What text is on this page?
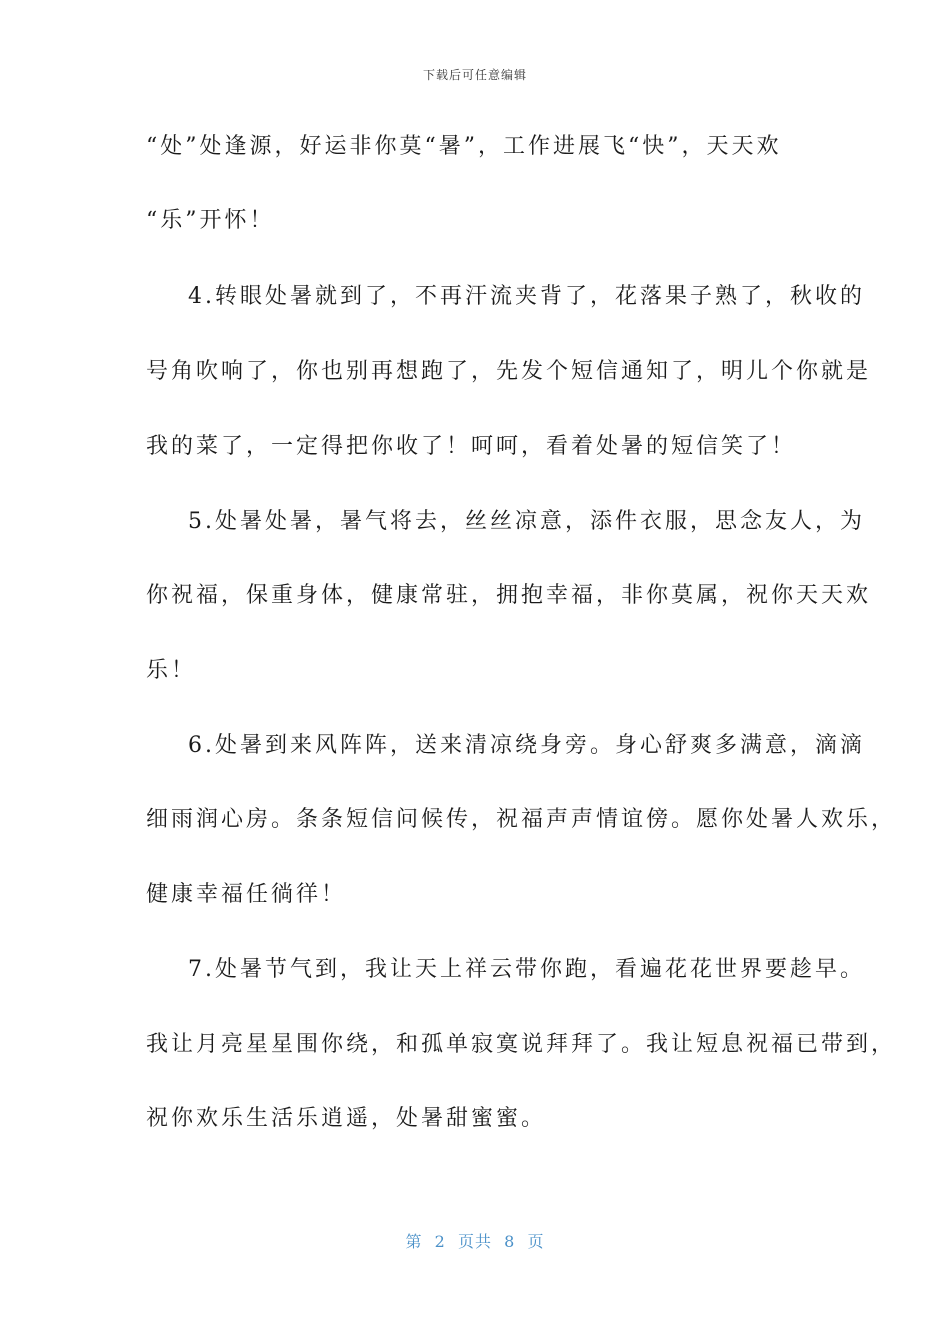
下载后可任意编辑
“处”处逢源，好运非你莫“暑”，工作进展飞“快”，天天欢
“乐”开怀！
4.转眼处暑就到了，不再汗流夹背了，花落果子熟了，秋收的
号角吹响了，你也别再想跑了，先发个短信通知了，明儿个你就是
我的菜了，一定得把你收了！呵呵，看着处暑的短信笑了！
5.处暑处暑，暑气将去，丝丝凉意，添件衣服，思念友人，为
你祝福，保重身体，健康常驻，拥抱幸福，非你莫属，祝你天天欢
乐！
6.处暑到来风阵阵，送来清凉绕身旁。身心舒爽多满意，滴滴
细雨润心房。条条短信问候传，祝福声声情谊傍。愿你处暑人欢乐，
健康幸福任徜徉！
7.处暑节气到，我让天上祥云带你跑，看遍花花世界要趁早。
我让月亮星星围你绕，和孤单寂寞说拜拜了。我让短息祝福已带到，
祝你欢乐生活乐逍遥，处暑甜蜜蜜。
第  2  页共  8  页
